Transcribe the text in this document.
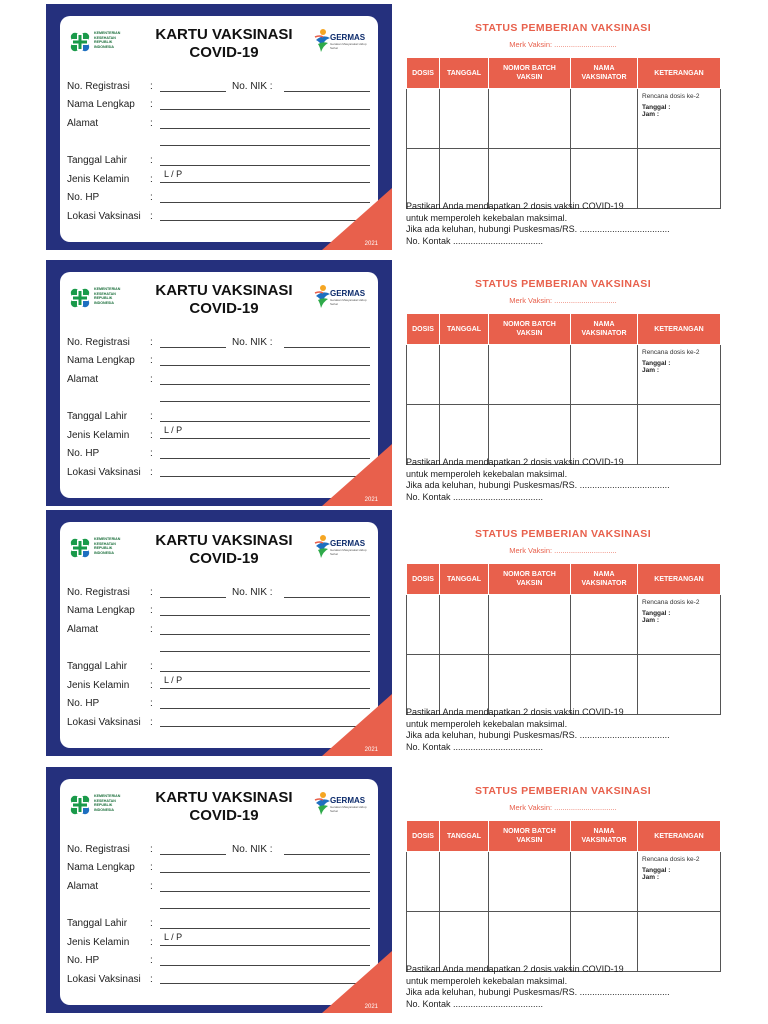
KEMENTERIAN KESEHATAN REPUBLIK INDONESIA
KARTU VAKSINASI
COVID-19
GERMAS
Gerakan Masyarakat Hidup Sehat
No. Registrasi :	No. NIK :
Nama Lengkap :
Alamat	:
Tanggal Lahir :
Jenis Kelamin : L / P
No. HP	:
Lokasi Vaksinasi :
2021
STATUS PEMBERIAN VAKSINASI
Merk Vaksin: ..............................
DOSIS	TANGGAL	NOMOR BATCH VAKSIN	NAMA VAKSINATOR	KETERANGAN

				Rencana dosis ke-2
Tanggal :
Jam :

Pastikan Anda mendapatkan 2 dosis vaksin COVID-19
untuk memperoleh kekebalan maksimal.
Jika ada keluhan, hubungi Puskesmas/RS. ....................................
No. Kontak ....................................
KEMENTERIAN KESEHATAN REPUBLIK INDONESIA
KARTU VAKSINASI
COVID-19
GERMAS
Gerakan Masyarakat Hidup Sehat
No. Registrasi :	No. NIK :
Nama Lengkap :
Alamat	:
Tanggal Lahir :
Jenis Kelamin : L / P
No. HP	:
Lokasi Vaksinasi :
2021
STATUS PEMBERIAN VAKSINASI
Merk Vaksin: ..............................
DOSIS	TANGGAL	NOMOR BATCH VAKSIN	NAMA VAKSINATOR	KETERANGAN

				Rencana dosis ke-2
Tanggal :
Jam :

Pastikan Anda mendapatkan 2 dosis vaksin COVID-19
untuk memperoleh kekebalan maksimal.
Jika ada keluhan, hubungi Puskesmas/RS. ....................................
No. Kontak ....................................
KEMENTERIAN KESEHATAN REPUBLIK INDONESIA
KARTU VAKSINASI
COVID-19
GERMAS
Gerakan Masyarakat Hidup Sehat
No. Registrasi :	No. NIK :
Nama Lengkap :
Alamat	:
Tanggal Lahir :
Jenis Kelamin : L / P
No. HP	:
Lokasi Vaksinasi :
2021
STATUS PEMBERIAN VAKSINASI
Merk Vaksin: ..............................
DOSIS	TANGGAL	NOMOR BATCH VAKSIN	NAMA VAKSINATOR	KETERANGAN

				Rencana dosis ke-2
Tanggal :
Jam :

Pastikan Anda mendapatkan 2 dosis vaksin COVID-19
untuk memperoleh kekebalan maksimal.
Jika ada keluhan, hubungi Puskesmas/RS. ....................................
No. Kontak ....................................
KEMENTERIAN KESEHATAN REPUBLIK INDONESIA
KARTU VAKSINASI
COVID-19
GERMAS
Gerakan Masyarakat Hidup Sehat
No. Registrasi :	No. NIK :
Nama Lengkap :
Alamat	:
Tanggal Lahir :
Jenis Kelamin : L / P
No. HP	:
Lokasi Vaksinasi :
2021
STATUS PEMBERIAN VAKSINASI
Merk Vaksin: ..............................
DOSIS	TANGGAL	NOMOR BATCH VAKSIN	NAMA VAKSINATOR	KETERANGAN

				Rencana dosis ke-2
Tanggal :
Jam :

Pastikan Anda mendapatkan 2 dosis vaksin COVID-19
untuk memperoleh kekebalan maksimal.
Jika ada keluhan, hubungi Puskesmas/RS. ....................................
No. Kontak ....................................
